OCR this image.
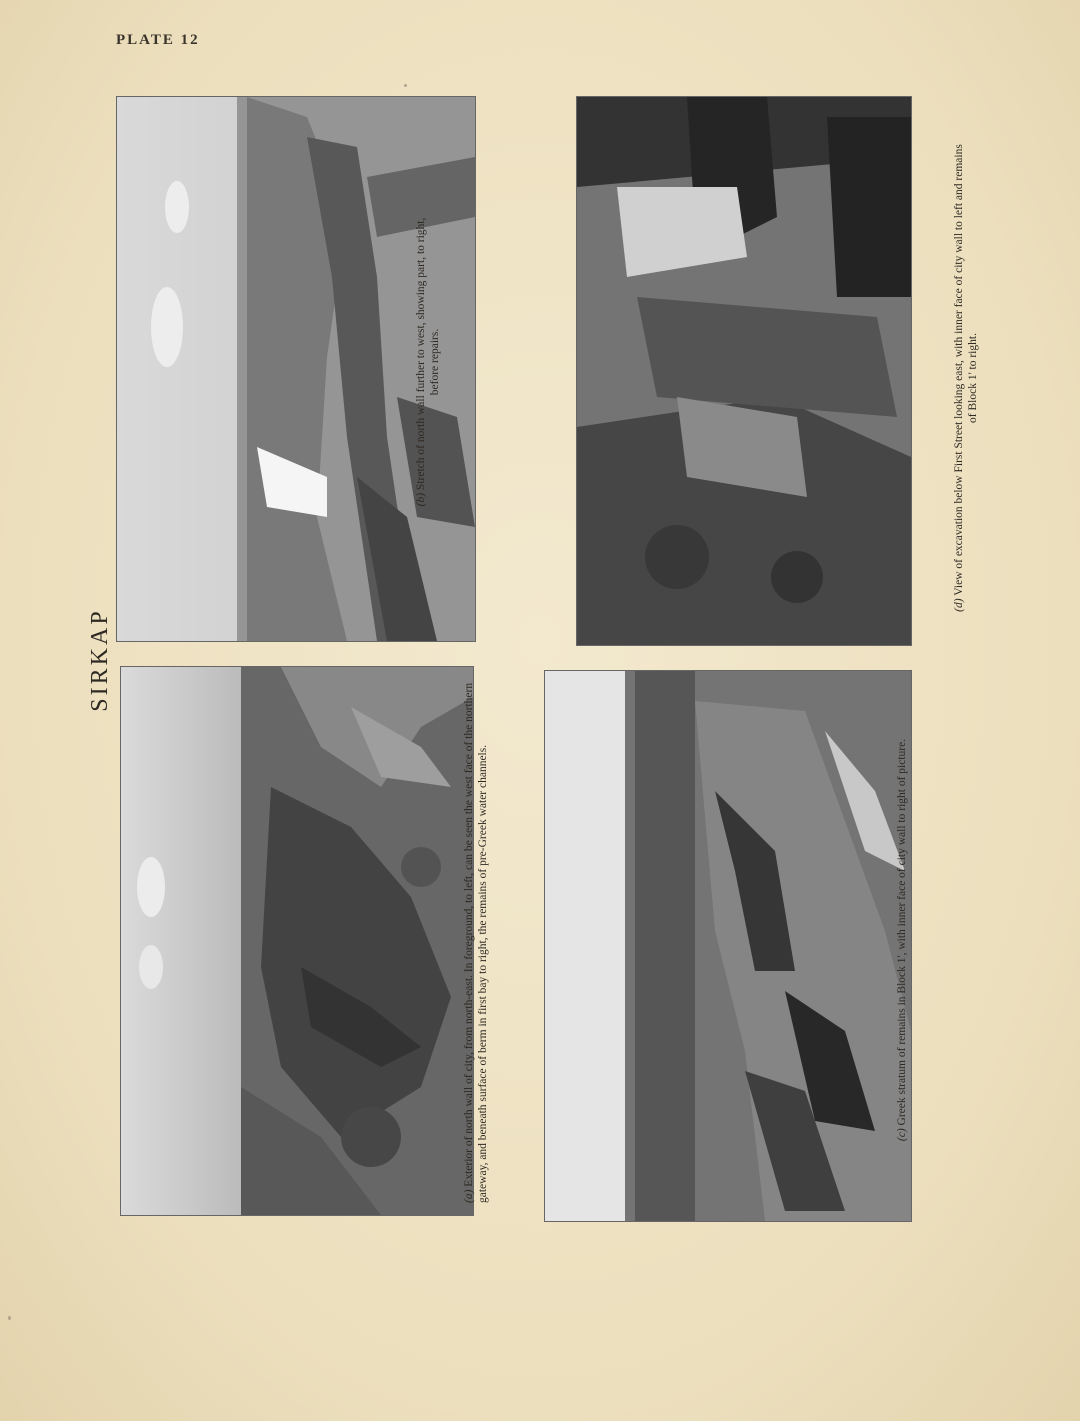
PLATE 12
SIRKAP
(a) Exterior of north wall of city, from north-east. In foreground, to left, can be seen the west face of the northern gateway, and beneath surface of berm in first bay to right, the remains of pre-Greek water channels.
(b) Stretch of north wall further to west, showing part, to right, before repairs.
(c) Greek stratum of remains in Block 1', with inner face of city wall to right of picture.
(d) View of excavation below First Street looking east, with inner face of city wall to left and remains of Block 1' to right.
